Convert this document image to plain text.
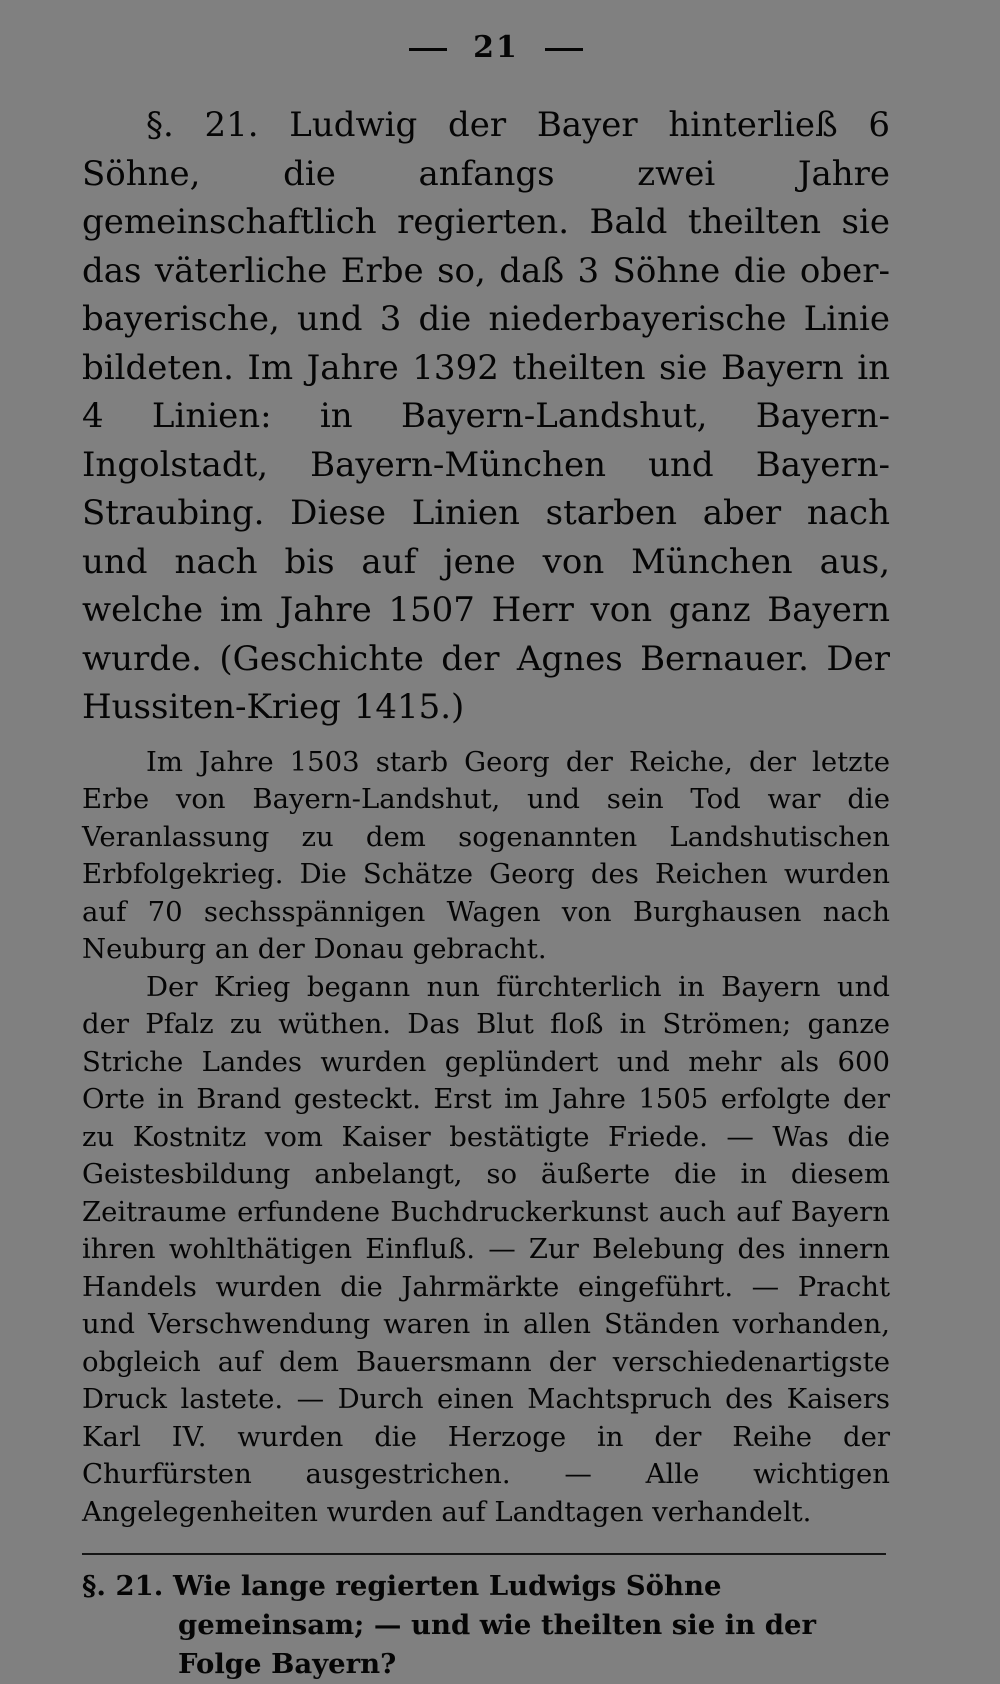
21

§. 21. Ludwig der Bayer hinterließ 6 Söhne, die anfangs zwei Jahre gemeinschaftlich regierten. Bald theilten sie das väterliche Erbe so, daß 3 Söhne die ober-bayerische, und 3 die niederbayerische Linie bildeten. Im Jahre 1392 theilten sie Bayern in 4 Linien: in Bayern-Landshut, Bayern-Ingolstadt, Bayern-München und Bayern-Straubing. Diese Linien starben aber nach und nach bis auf jene von München aus, welche im Jahre 1507 Herr von ganz Bayern wurde. (Geschichte der Agnes Bernauer. Der Hussiten-Krieg 1415.)

Im Jahre 1503 starb Georg der Reiche, der letzte Erbe von Bayern-Landshut, und sein Tod war die Veranlassung zu dem sogenannten Landshutischen Erbfolgekrieg. Die Schätze Georg des Reichen wurden auf 70 sechsspännigen Wagen von Burghausen nach Neuburg an der Donau gebracht.

Der Krieg begann nun fürchterlich in Bayern und der Pfalz zu wüthen. Das Blut floß in Strömen; ganze Striche Landes wurden geplündert und mehr als 600 Orte in Brand gesteckt. Erst im Jahre 1505 erfolgte der zu Kostnitz vom Kaiser bestätigte Friede. — Was die Geistesbildung anbelangt, so äußerte die in diesem Zeitraume erfundene Buchdruckerkunst auch auf Bayern ihren wohlthätigen Einfluß. — Zur Belebung des innern Handels wurden die Jahrmärkte eingeführt. — Pracht und Verschwendung waren in allen Ständen vorhanden, obgleich auf dem Bauersmann der verschiedenartigste Druck lastete. — Durch einen Machtspruch des Kaisers Karl IV. wurden die Herzoge in der Reihe der Churfürsten ausgestrichen. — Alle wichtigen Angelegenheiten wurden auf Landtagen verhandelt.

§. 21. Wie lange regierten Ludwigs Söhne gemeinsam; — und wie theilten sie in der Folge Bayern?
